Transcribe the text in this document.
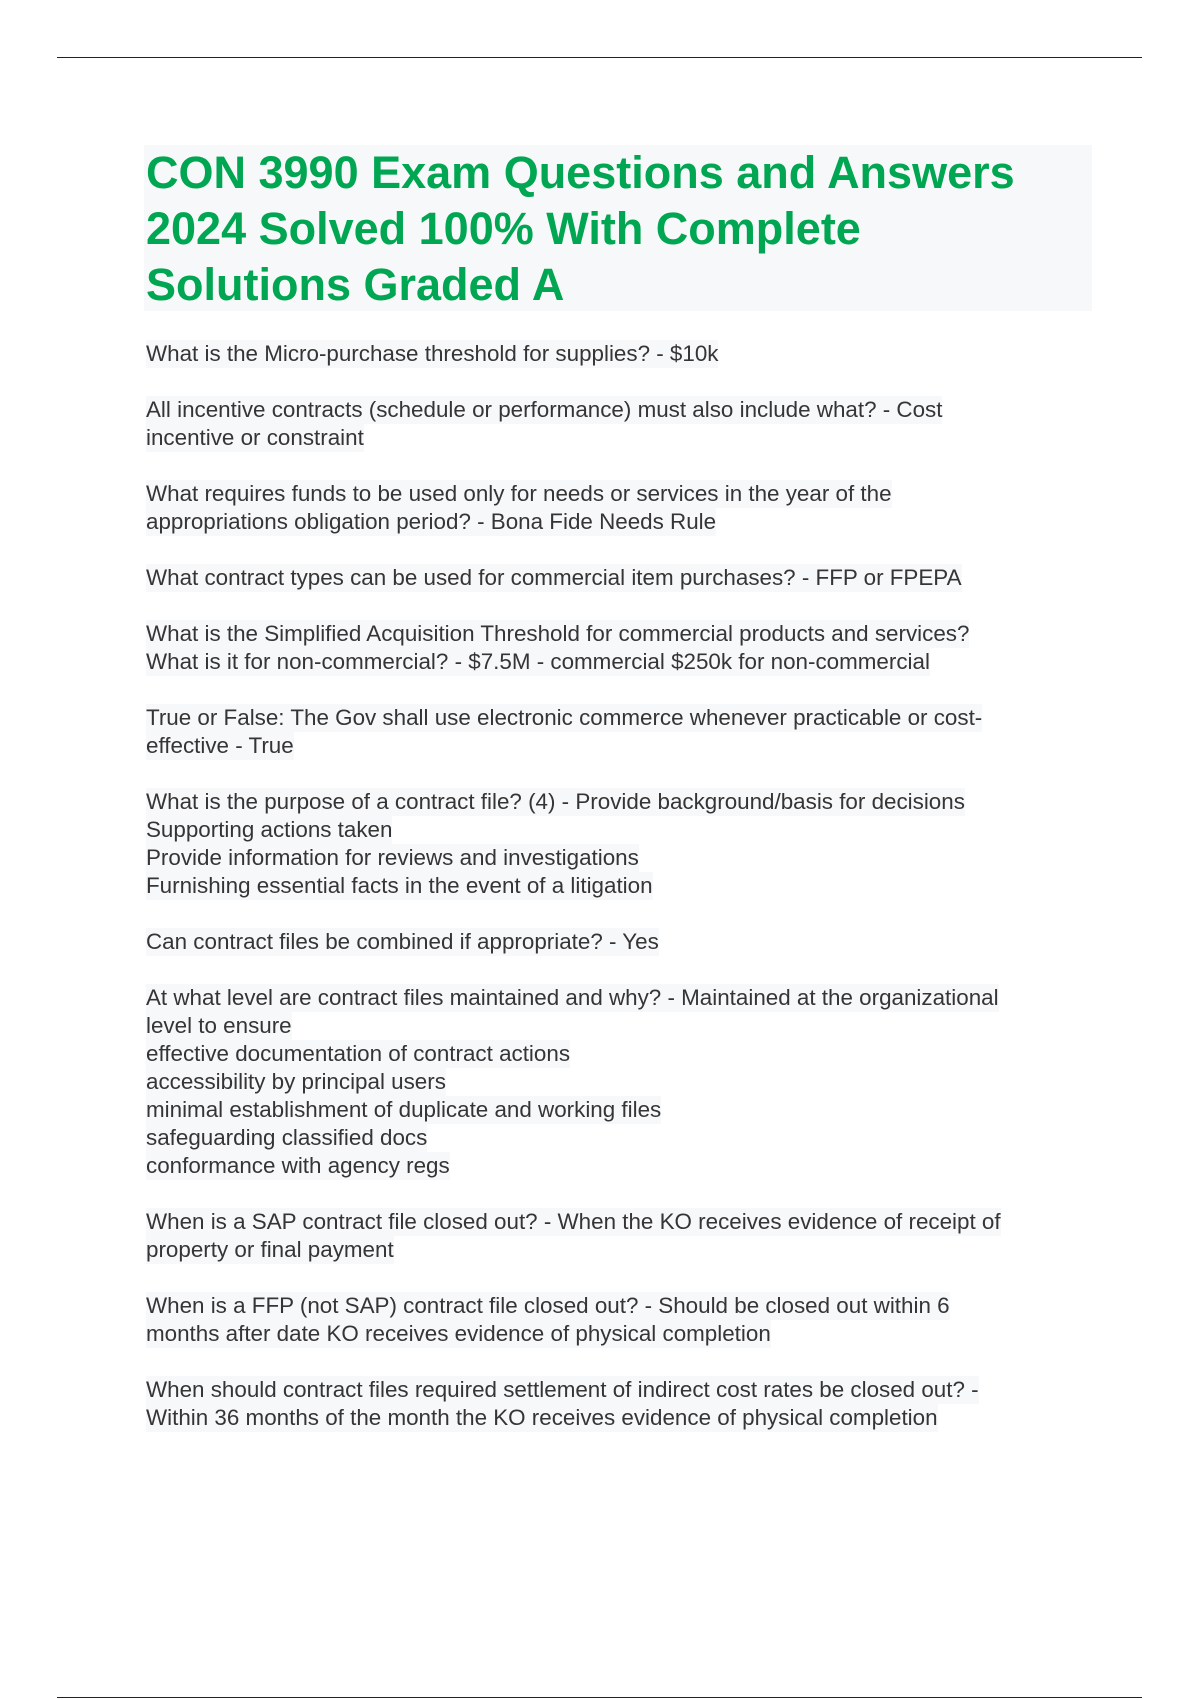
CON 3990 Exam Questions and Answers
2024 Solved 100% With Complete
Solutions Graded A
What is the Micro-purchase threshold for supplies? - $10k
All incentive contracts (schedule or performance) must also include what? - Cost
incentive or constraint
What requires funds to be used only for needs or services in the year of the
appropriations obligation period? - Bona Fide Needs Rule
What contract types can be used for commercial item purchases? - FFP or FPEPA
What is the Simplified Acquisition Threshold for commercial products and services?
What is it for non-commercial? - $7.5M - commercial $250k for non-commercial
True or False: The Gov shall use electronic commerce whenever practicable or cost-
effective - True
What is the purpose of a contract file? (4) - Provide background/basis for decisions
Supporting actions taken
Provide information for reviews and investigations
Furnishing essential facts in the event of a litigation
Can contract files be combined if appropriate? - Yes
At what level are contract files maintained and why? - Maintained at the organizational
level to ensure
effective documentation of contract actions
accessibility by principal users
minimal establishment of duplicate and working files
safeguarding classified docs
conformance with agency regs
When is a SAP contract file closed out? - When the KO receives evidence of receipt of
property or final payment
When is a FFP (not SAP) contract file closed out? - Should be closed out within 6
months after date KO receives evidence of physical completion
When should contract files required settlement of indirect cost rates be closed out? -
Within 36 months of the month the KO receives evidence of physical completion
